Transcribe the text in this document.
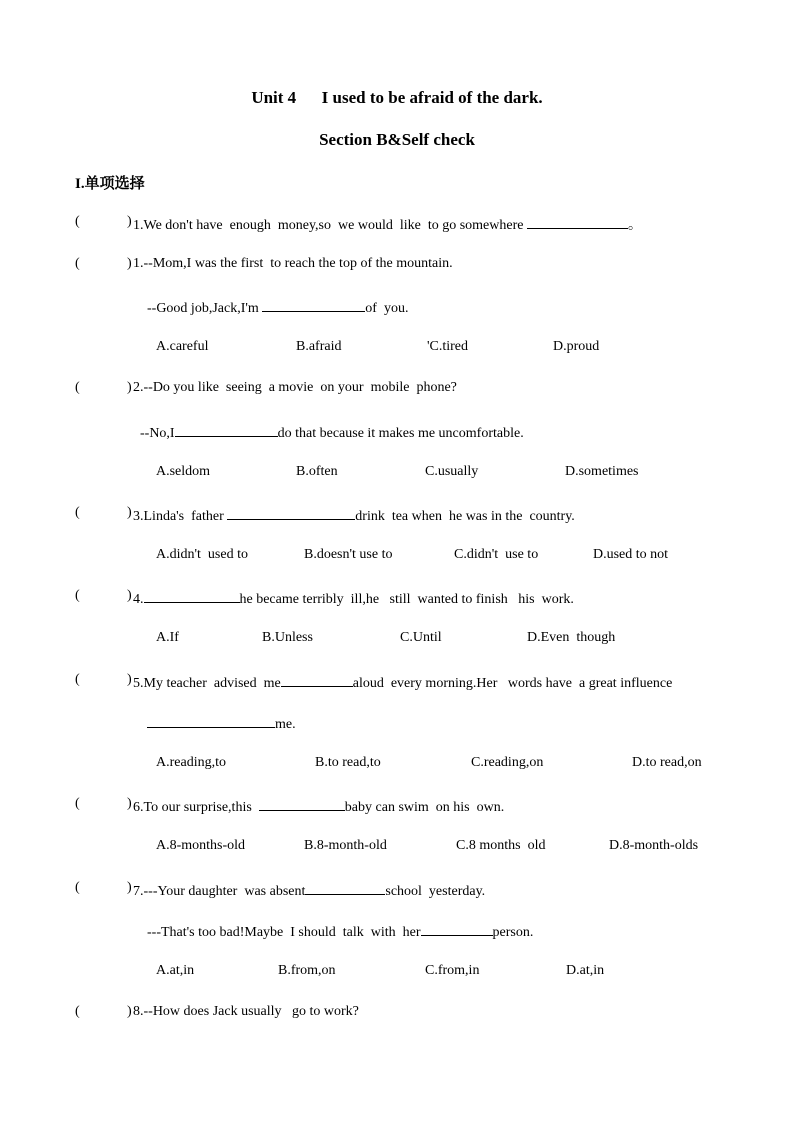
Unit 4      I used to be afraid of the dark.
Section B&Self check
I.单项选择
(	) 1.We don't have  enough  money,so  we would  like  to go somewhere	。
(	) 1.--Mom,I was the first  to reach the top of the mountain.
--Good job,Jack,I'm	of  you.
A.careful	B.afraid	'C.tired	D.proud
(	) 2.--Do you like  seeing  a movie  on your  mobile  phone?
--No,I	do that because it makes me uncomfortable.
A.seldom	B.often	C.usually	D.sometimes
(	) 3.Linda's  father	drink  tea when  he was in the  country.
A.didn't  used to	B.doesn't use to	C.didn't  use to	D.used to not
(	) 4.	he became terribly  ill,he   still  wanted to finish   his  work.
A.If	B.Unless	C.Until	D.Even  though
(	) 5.My teacher  advised  me	aloud  every morning.Her   words have  a great influence
me.
A.reading,to	B.to read,to	C.reading,on	D.to read,on
(	) 6.To our surprise,this	baby can swim  on his  own.
A.8-months-old	B.8-month-old	C.8 months  old	D.8-month-olds
(	) 7.---Your daughter  was absent	school  yesterday.
---That's too bad!Maybe  I should  talk  with  her	person.
A.at,in	B.from,on	C.from,in	D.at,in
(	) 8.--How does Jack usually   go to work?
